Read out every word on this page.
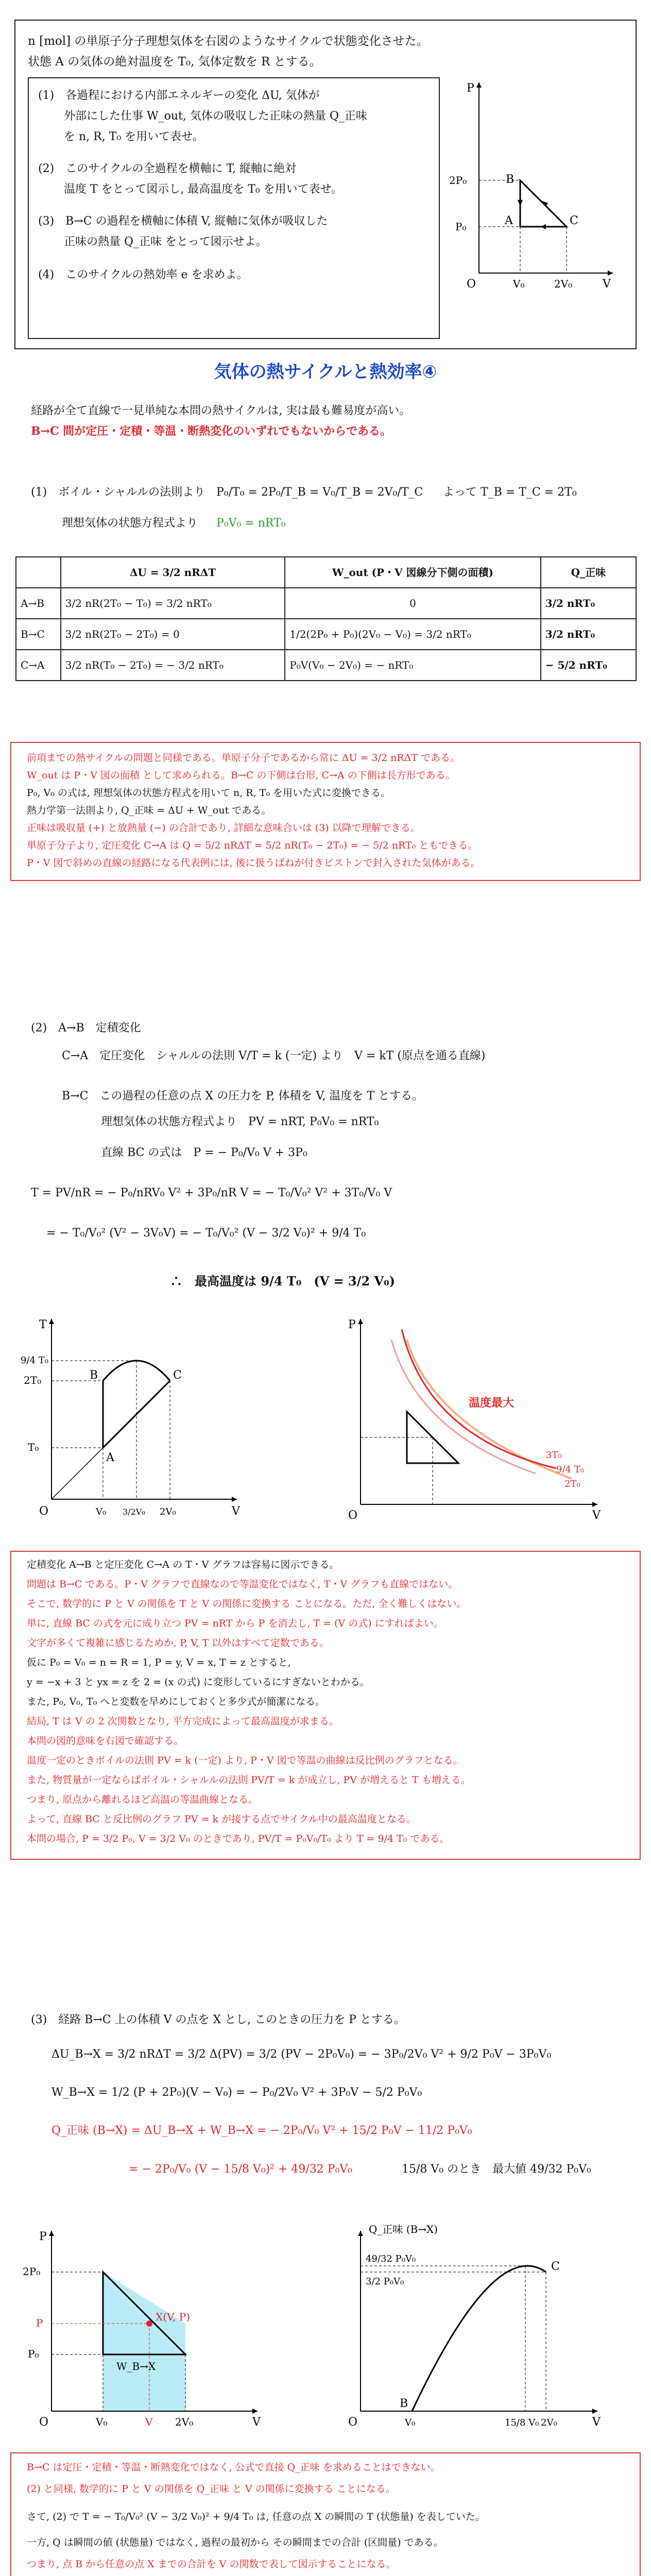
n [mol] の単原子分子理想気体を右図のようなサイクルで状態変化させた。
状態 A の気体の絶対温度を T₀, 気体定数を R とする。
(1)　各過程における内部エネルギーの変化 ΔU, 気体が
外部にした仕事 W_out, 気体の吸収した正味の熱量 Q_正味
を n, R, T₀ を用いて表せ。
(2)　このサイクルの全過程を横軸に T, 縦軸に絶対
温度 T をとって図示し, 最高温度を T₀ を用いて表せ。
(3)　B→C の過程を横軸に体積 V, 縦軸に気体が吸収した
正味の熱量 Q_正味 をとって図示せよ。
(4)　このサイクルの熱効率 e を求めよ。
P
V
O
2P₀
P₀
V₀	2V₀
A
B
C
気体の熱サイクルと熱効率④
経路が全て直線で一見単純な本問の熱サイクルは, 実は最も難易度が高い。
B→C 間が定圧・定積・等温・断熱変化のいずれでもないからである。
(1)　ボイル・シャルルの法則より P₀/T₀ = 2P₀/T_B = V₀/T_B = 2V₀/T_C よって T_B = T_C = 2T₀
理想気体の状態方程式より P₀V₀ = nRT₀
	ΔU = 3/2 nRΔT	W_out (P・V 図線分下側の面積)	Q_正味
A→B	3/2 nR(2T₀ − T₀) = 3/2 nRT₀	0	3/2 nRT₀
B→C	3/2 nR(2T₀ − 2T₀) = 0	1/2(2P₀ + P₀)(2V₀ − V₀) = 3/2 nRT₀	3/2 nRT₀
C→A	3/2 nR(T₀ − 2T₀) = − 3/2 nRT₀	P₀V(V₀ − 2V₀) = − nRT₀	− 5/2 nRT₀
前項までの熱サイクルの問題と同様である。単原子分子であるから常に ΔU = 3/2 nRΔT である。
W_out は P・V 図の面積 として求められる。B→C の下側は台形, C→A の下側は長方形である。
P₀, V₀ の式は, 理想気体の状態方程式を用いて n, R, T₀ を用いた式に変換できる。
熱力学第一法則より, Q_正味 = ΔU + W_out である。
正味は吸収量 (+) と放熱量 (−) の合計であり, 詳細な意味合いは (3) 以降で理解できる。
単原子分子より, 定圧変化 C→A は Q = 5/2 nRΔT = 5/2 nR(T₀ − 2T₀) = − 5/2 nRT₀ ともできる。
P・V 図で斜めの直線の経路になる代表例には, 後に扱うばねが付きピストンで封入された気体がある。
(2)　A→B　定積変化
C→A　定圧変化　シャルルの法則 V/T = k (一定) より　V = kT (原点を通る直線)
B→C　この過程の任意の点 X の圧力を P, 体積を V, 温度を T とする。
理想気体の状態方程式より　PV = nRT, P₀V₀ = nRT₀
直線 BC の式は　P = − P₀/V₀ V + 3P₀
T = PV/nR = − P₀/nRV₀ V² + 3P₀/nR V = − T₀/V₀² V² + 3T₀/V₀ V
= − T₀/V₀² (V² − 3V₀V) = − T₀/V₀² (V − 3/2 V₀)² + 9/4 T₀
∴　最高温度は 9/4 T₀　(V = 3/2 V₀)
T
V
O
9/4 T₀
2T₀
T₀
V₀ 3/2V₀ 2V₀
A
B	C
P
V
O
温度最大
3T₀
9/4 T₀
2T₀
定積変化 A→B と定圧変化 C→A の T・V グラフは容易に図示できる。
問題は B→C である。P・V グラフで直線なので等温変化ではなく, T・V グラフも直線ではない。
そこで, 数学的に P と V の関係を T と V の関係に変換する ことになる。ただ, 全く難しくはない。
単に, 直線 BC の式を元に成り立つ PV = nRT から P を消去し, T = (V の式) にすればよい。
文字が多くて複雑に感じるためか, P, V, T 以外はすべて定数である。
仮に P₀ = V₀ = n = R = 1, P = y, V = x, T = z とすると,
y = −x + 3 と yx = z を 2 = (x の式) に変形しているにすぎないとわかる。
また, P₀, V₀, T₀ へと変数を早めにしておくと多少式が簡潔になる。
結局, T は V の 2 次関数となり, 平方完成によって最高温度が求まる。
本問の図的意味を右図で確認する。
温度一定のときボイルの法則 PV = k (一定) より, P・V 図で等温の曲線は反比例のグラフとなる。
また, 物質量が一定ならばボイル・シャルルの法則 PV/T = k が成立し, PV が増えると T も増える。
つまり, 原点から離れるほど高温の等温曲線となる。
よって, 直線 BC と反比例のグラフ PV = k が接する点でサイクル中の最高温度となる。
本問の場合, P = 3/2 P₀, V = 3/2 V₀ のときであり, PV/T = P₀V₀/T₀ より T = 9/4 T₀ である。
(3)　経路 B→C 上の体積 V の点を X とし, このときの圧力を P とする。
ΔU_B→X = 3/2 nRΔT = 3/2 Δ(PV) = 3/2 (PV − 2P₀V₀) = − 3P₀/2V₀ V² + 9/2 P₀V − 3P₀V₀
W_B→X = 1/2 (P + 2P₀)(V − V₀) = − P₀/2V₀ V² + 3P₀V − 5/2 P₀V₀
Q_正味 (B→X) = ΔU_B→X + W_B→X = − 2P₀/V₀ V² + 15/2 P₀V − 11/2 P₀V₀
= − 2P₀/V₀ (V − 15/8 V₀)² + 49/32 P₀V₀	15/8 V₀ のとき　最大値 49/32 P₀V₀
P
V
O
2P₀
P
P₀
V₀	V 2V₀
X(V, P)
W_B→X
Q_正味 (B→X)
V
O
49/32 P₀V₀
3/2 P₀V₀
V₀	15/8 V₀ 2V₀
B
C
B→C は定圧・定積・等温・断熱変化ではなく, 公式で直接 Q_正味 を求めることはできない。
(2) と同様, 数学的に P と V の関係を Q_正味 と V の関係に変換する ことになる。
さて, (2) で T = − T₀/V₀² (V − 3/2 V₀)² + 9/4 T₀ は, 任意の点 X の瞬間の T (状態量) を表していた。
一方, Q は瞬間の値 (状態量) ではなく, 過程の最初から その瞬間までの合計 (区間量) である。
つまり, 点 B から任意の点 X までの合計を V の関数で表して図示することになる。
